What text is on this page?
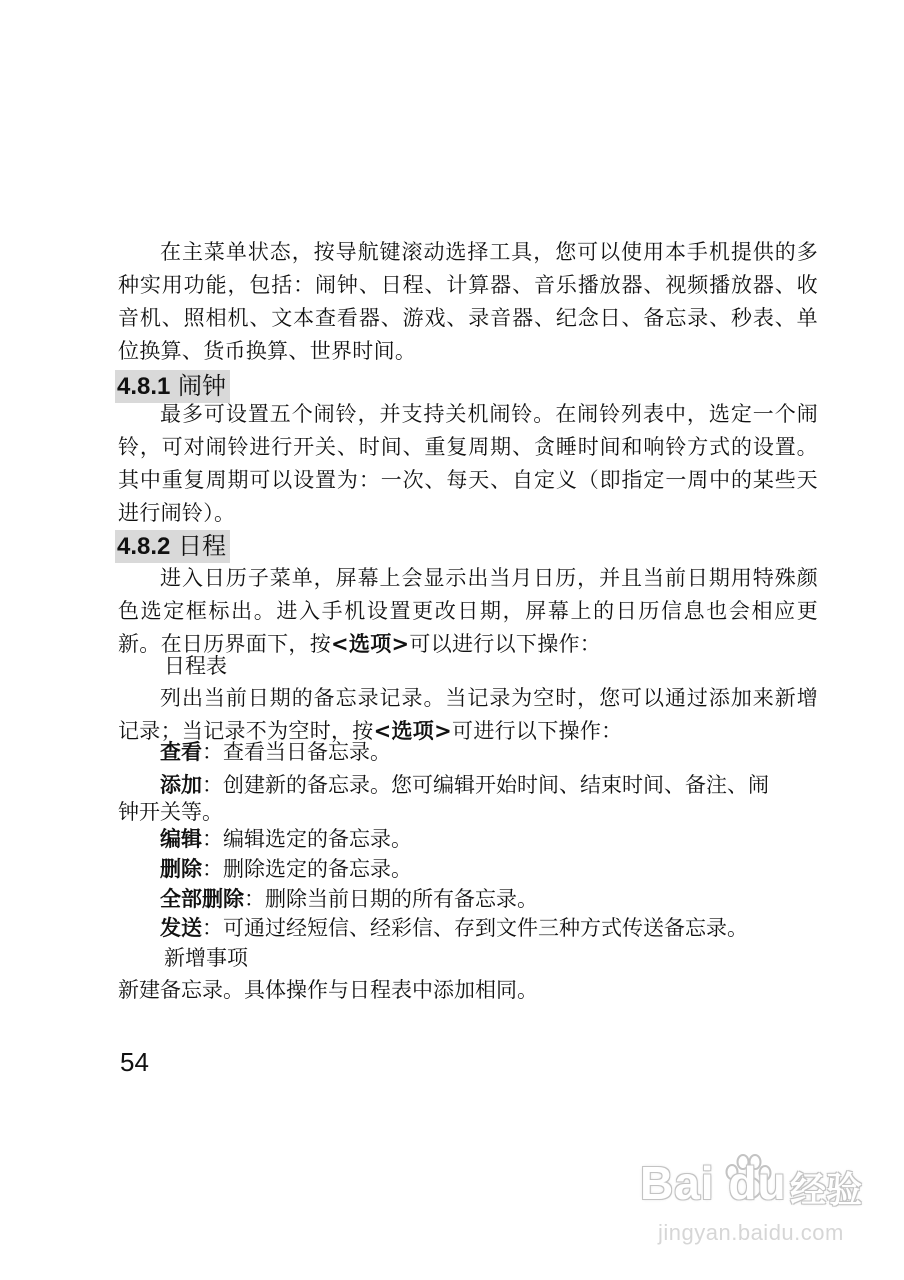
在主菜单状态，按导航键滚动选择工具，您可以使用本手机提供的多种实用功能，包括：闹钟、日程、计算器、音乐播放器、视频播放器、收音机、照相机、文本查看器、游戏、录音器、纪念日、备忘录、秒表、单位换算、货币换算、世界时间。

4.8.1 闹钟

最多可设置五个闹铃，并支持关机闹铃。在闹铃列表中，选定一个闹铃，可对闹铃进行开关、时间、重复周期、贪睡时间和响铃方式的设置。其中重复周期可以设置为：一次、每天、自定义（即指定一周中的某些天进行闹铃）。

4.8.2 日程

进入日历子菜单，屏幕上会显示出当月日历，并且当前日期用特殊颜色选定框标出。进入手机设置更改日期，屏幕上的日历信息也会相应更新。在日历界面下，按<选项>可以进行以下操作：

日程表

列出当前日期的备忘录记录。当记录为空时，您可以通过添加来新增记录；当记录不为空时，按<选项>可进行以下操作：

查看：查看当日备忘录。

添加：创建新的备忘录。您可编辑开始时间、结束时间、备注、闹

钟开关等。

编辑：编辑选定的备忘录。

删除：删除选定的备忘录。

全部删除：删除当前日期的所有备忘录。

发送：可通过经短信、经彩信、存到文件三种方式传送备忘录。

新增事项

新建备忘录。具体操作与日程表中添加相同。

54

Bai du 经验
jingyan.baidu.com
